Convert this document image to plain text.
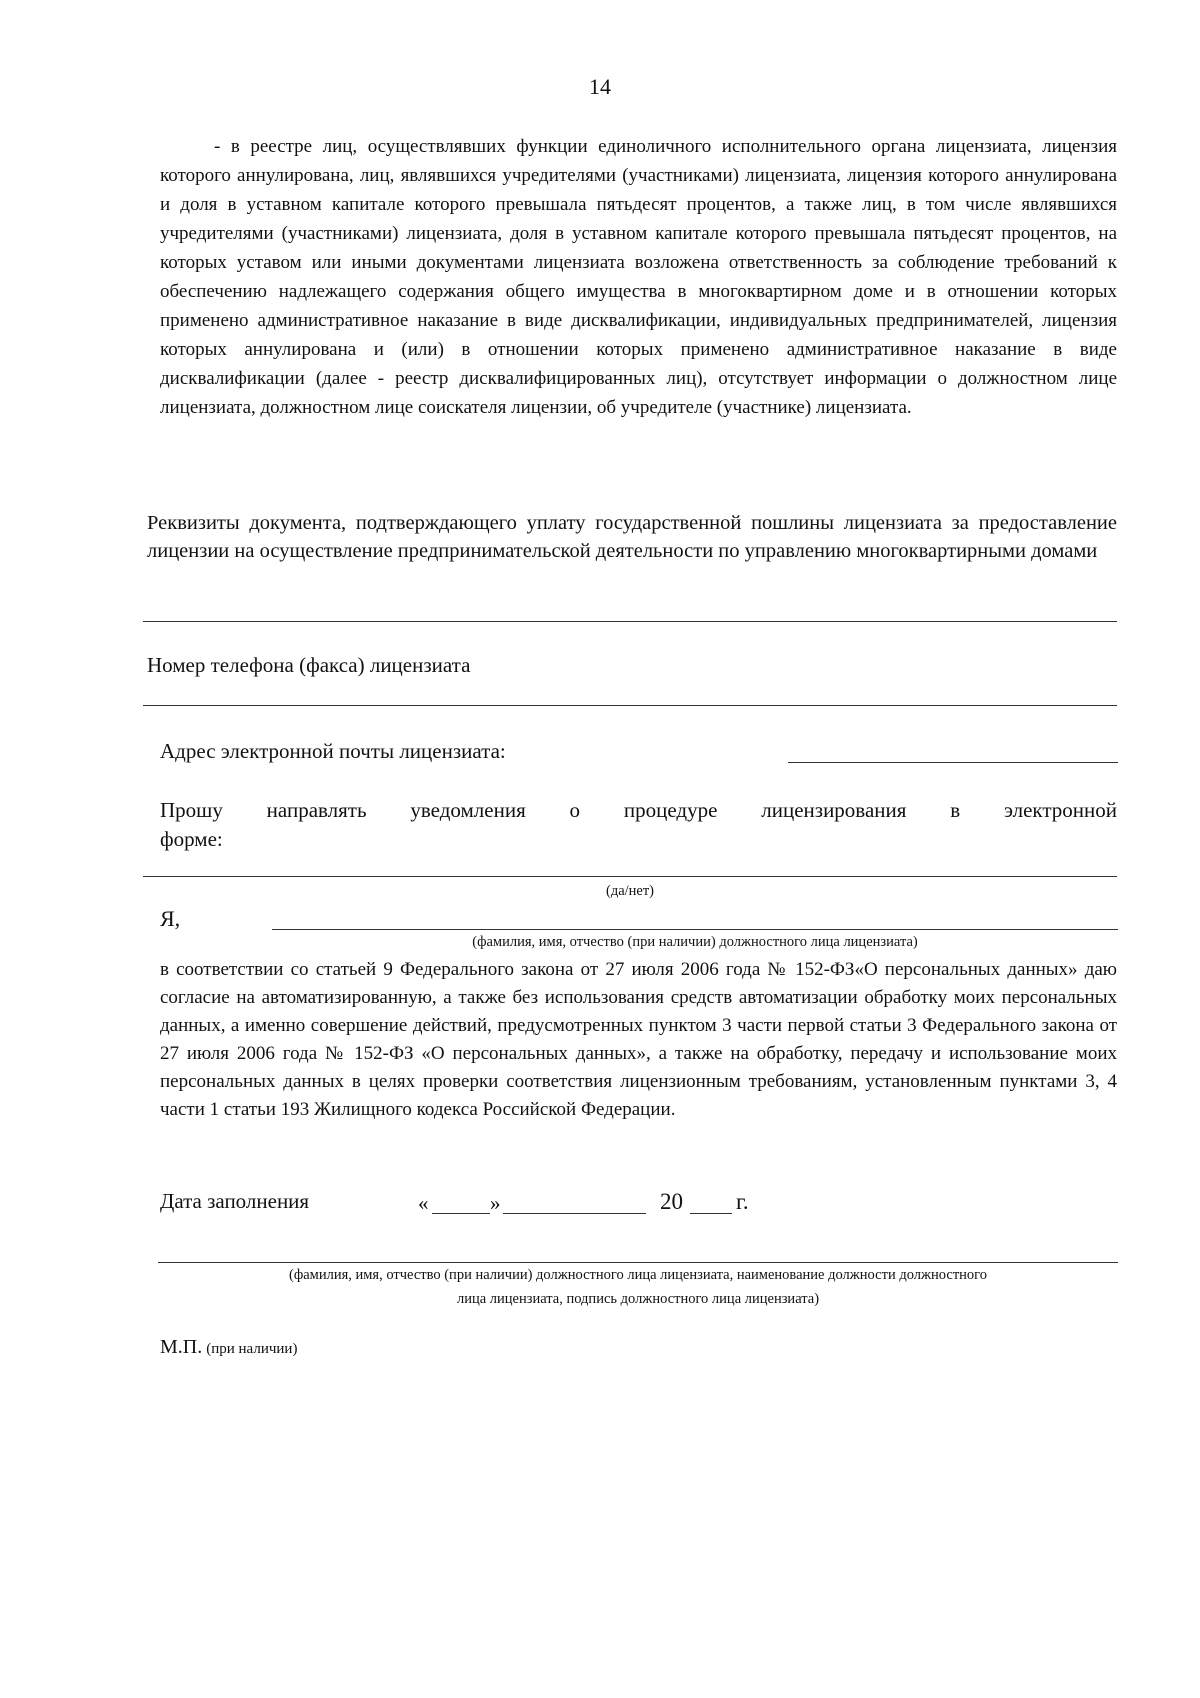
14
- в реестре лиц, осуществлявших функции единоличного исполнительного органа лицензиата, лицензия которого аннулирована, лиц, являвшихся учредителями (участниками) лицензиата, лицензия которого аннулирована и доля в уставном капитале которого превышала пятьдесят процентов, а также лиц, в том числе являвшихся учредителями (участниками) лицензиата, доля в уставном капитале которого превышала пятьдесят процентов, на которых уставом или иными документами лицензиата возложена ответственность за соблюдение требований к обеспечению надлежащего содержания общего имущества в многоквартирном доме и в отношении которых применено административное наказание в виде дисквалификации, индивидуальных предпринимателей, лицензия которых аннулирована и (или) в отношении которых применено административное наказание в виде дисквалификации (далее - реестр дисквалифицированных лиц), отсутствует информации о должностном лице лицензиата, должностном лице соискателя лицензии, об учредителе (участнике) лицензиата.
Реквизиты документа, подтверждающего уплату государственной пошлины лицензиата за предоставление лицензии на осуществление предпринимательской деятельности по управлению многоквартирными домами
Номер телефона (факса) лицензиата
Адрес электронной почты лицензиата:
Прошу направлять уведомления о процедуре лицензирования в электронной
форме:
(да/нет)
Я,
(фамилия, имя, отчество (при наличии) должностного лица лицензиата)
в соответствии со статьей 9 Федерального закона от 27 июля 2006 года № 152-ФЗ«О персональных данных» даю согласие на автоматизированную, а также без использования средств автоматизации обработку моих персональных данных, а именно совершение действий, предусмотренных пунктом 3 части первой статьи 3 Федерального закона от 27 июля 2006 года № 152-ФЗ «О персональных данных», а также на обработку, передачу и использование моих персональных данных в целях проверки соответствия лицензионным требованиям, установленным пунктами 3, 4 части 1 статьи 193 Жилищного кодекса Российской Федерации.
Дата заполнения	«	»	20 г.
(фамилия, имя, отчество (при наличии) должностного лица лицензиата, наименование должности должностного
лица лицензиата, подпись должностного лица лицензиата)
М.П. (при наличии)
